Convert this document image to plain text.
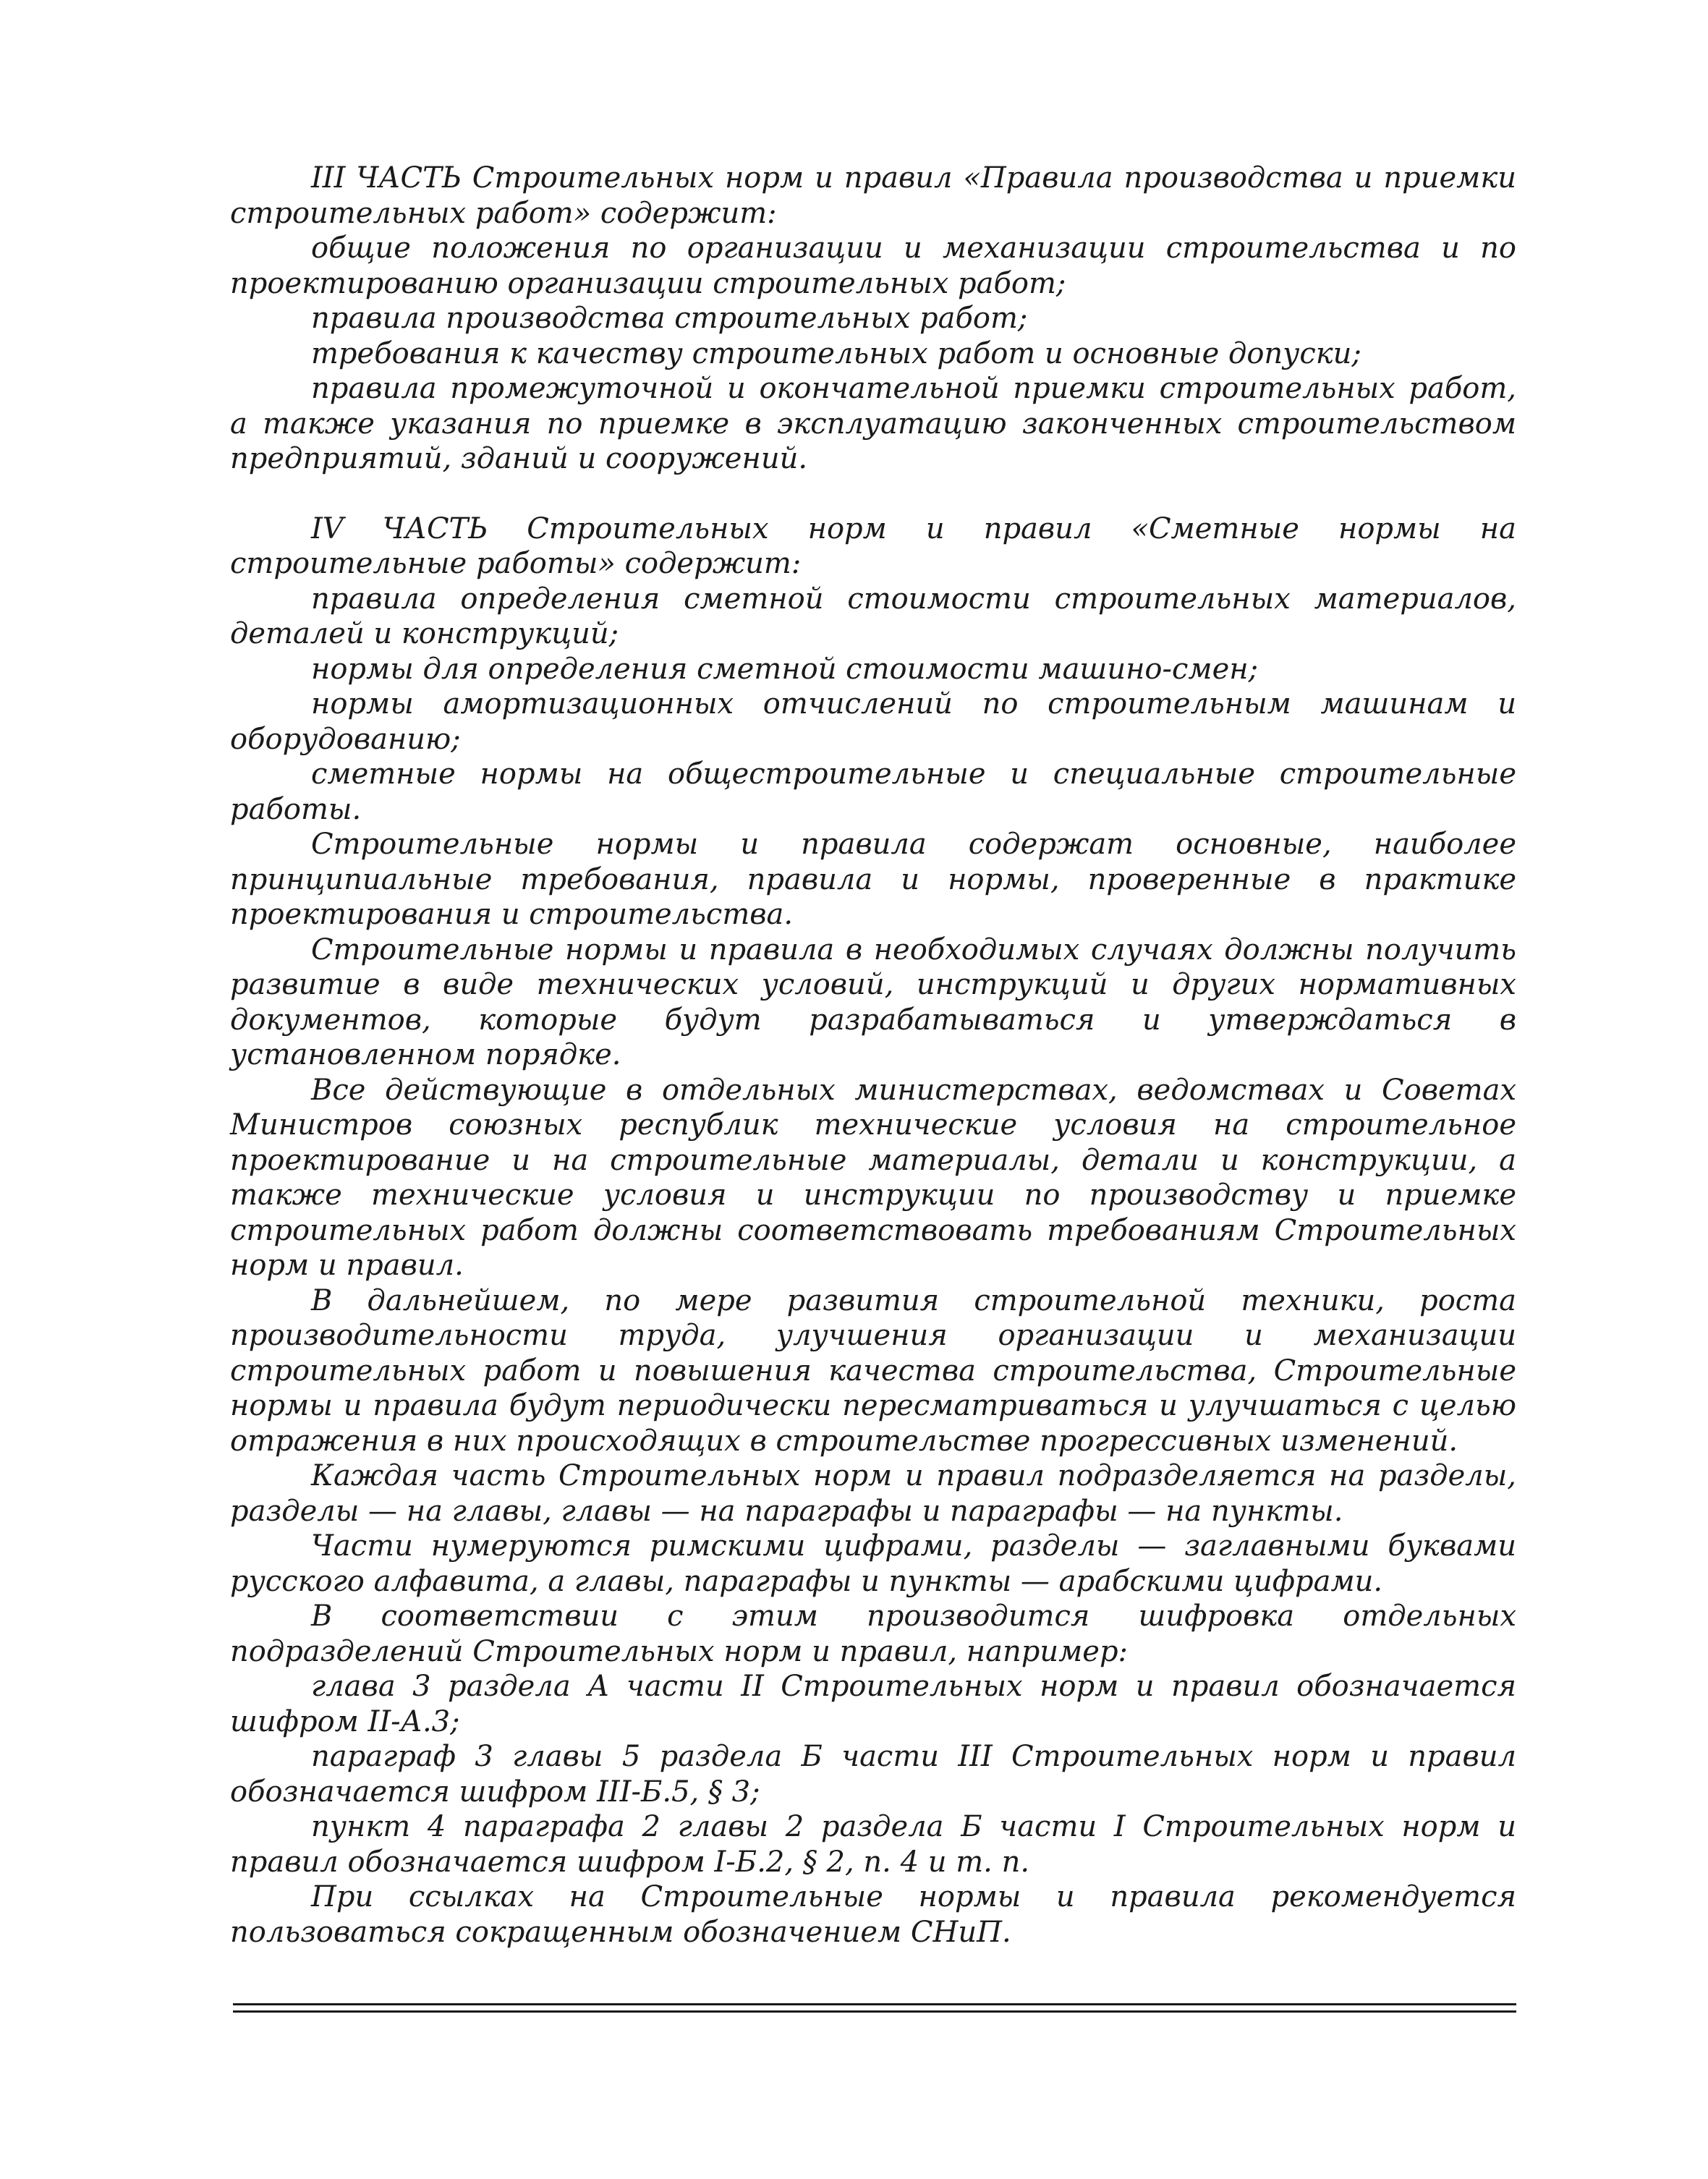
III ЧАСТЬ Строительных норм и правил «Правила производства и приемки строительных работ» содержит:

общие положения по организации и механизации строительства и по проектированию организации строительных работ;

правила производства строительных работ;

требования к качеству строительных работ и основные допуски;

правила промежуточной и окончательной приемки строительных работ, а также указания по приемке в эксплуатацию законченных строительством предприятий, зданий и сооружений.

IV ЧАСТЬ Строительных норм и правил «Сметные нормы на строительные работы» содержит:

правила определения сметной стоимости строительных материалов, деталей и конструкций;

нормы для определения сметной стоимости машино-смен;

нормы амортизационных отчислений по строительным машинам и оборудованию;

сметные нормы на общестроительные и специальные строительные работы.

Строительные нормы и правила содержат основные, наиболее принципиальные требования, правила и нормы, проверенные в практике проектирования и строительства.

Строительные нормы и правила в необходимых случаях должны получить развитие в виде технических условий, инструкций и других нормативных документов, которые будут разрабатываться и утверждаться в установленном порядке.

Все действующие в отдельных министерствах, ведомствах и Советах Министров союзных республик технические условия на строительное проектирование и на строительные материалы, детали и конструкции, а также технические условия и инструкции по производству и приемке строительных работ должны соответствовать требованиям Строительных норм и правил.

В дальнейшем, по мере развития строительной техники, роста производительности труда, улучшения организации и механизации строительных работ и повышения качества строительства, Строительные нормы и правила будут периодически пересматриваться и улучшаться с целью отражения в них происходящих в строительстве прогрессивных изменений.

Каждая часть Строительных норм и правил подразделяется на разделы, разделы — на главы, главы — на параграфы и параграфы — на пункты.

Части нумеруются римскими цифрами, разделы — заглавными буквами русского алфавита, а главы, параграфы и пункты — арабскими цифрами.

В соответствии с этим производится шифровка отдельных подразделений Строительных норм и правил, например:

глава 3 раздела А части II Строительных норм и правил обозначается шифром II-А.3;

параграф 3 главы 5 раздела Б части III Строительных норм и правил обозначается шифром III-Б.5, § 3;

пункт 4 параграфа 2 главы 2 раздела Б части I Строительных норм и правил обозначается шифром I-Б.2, § 2, п. 4 и т. п.

При ссылках на Строительные нормы и правила рекомендуется пользоваться сокращенным обозначением СНиП.
